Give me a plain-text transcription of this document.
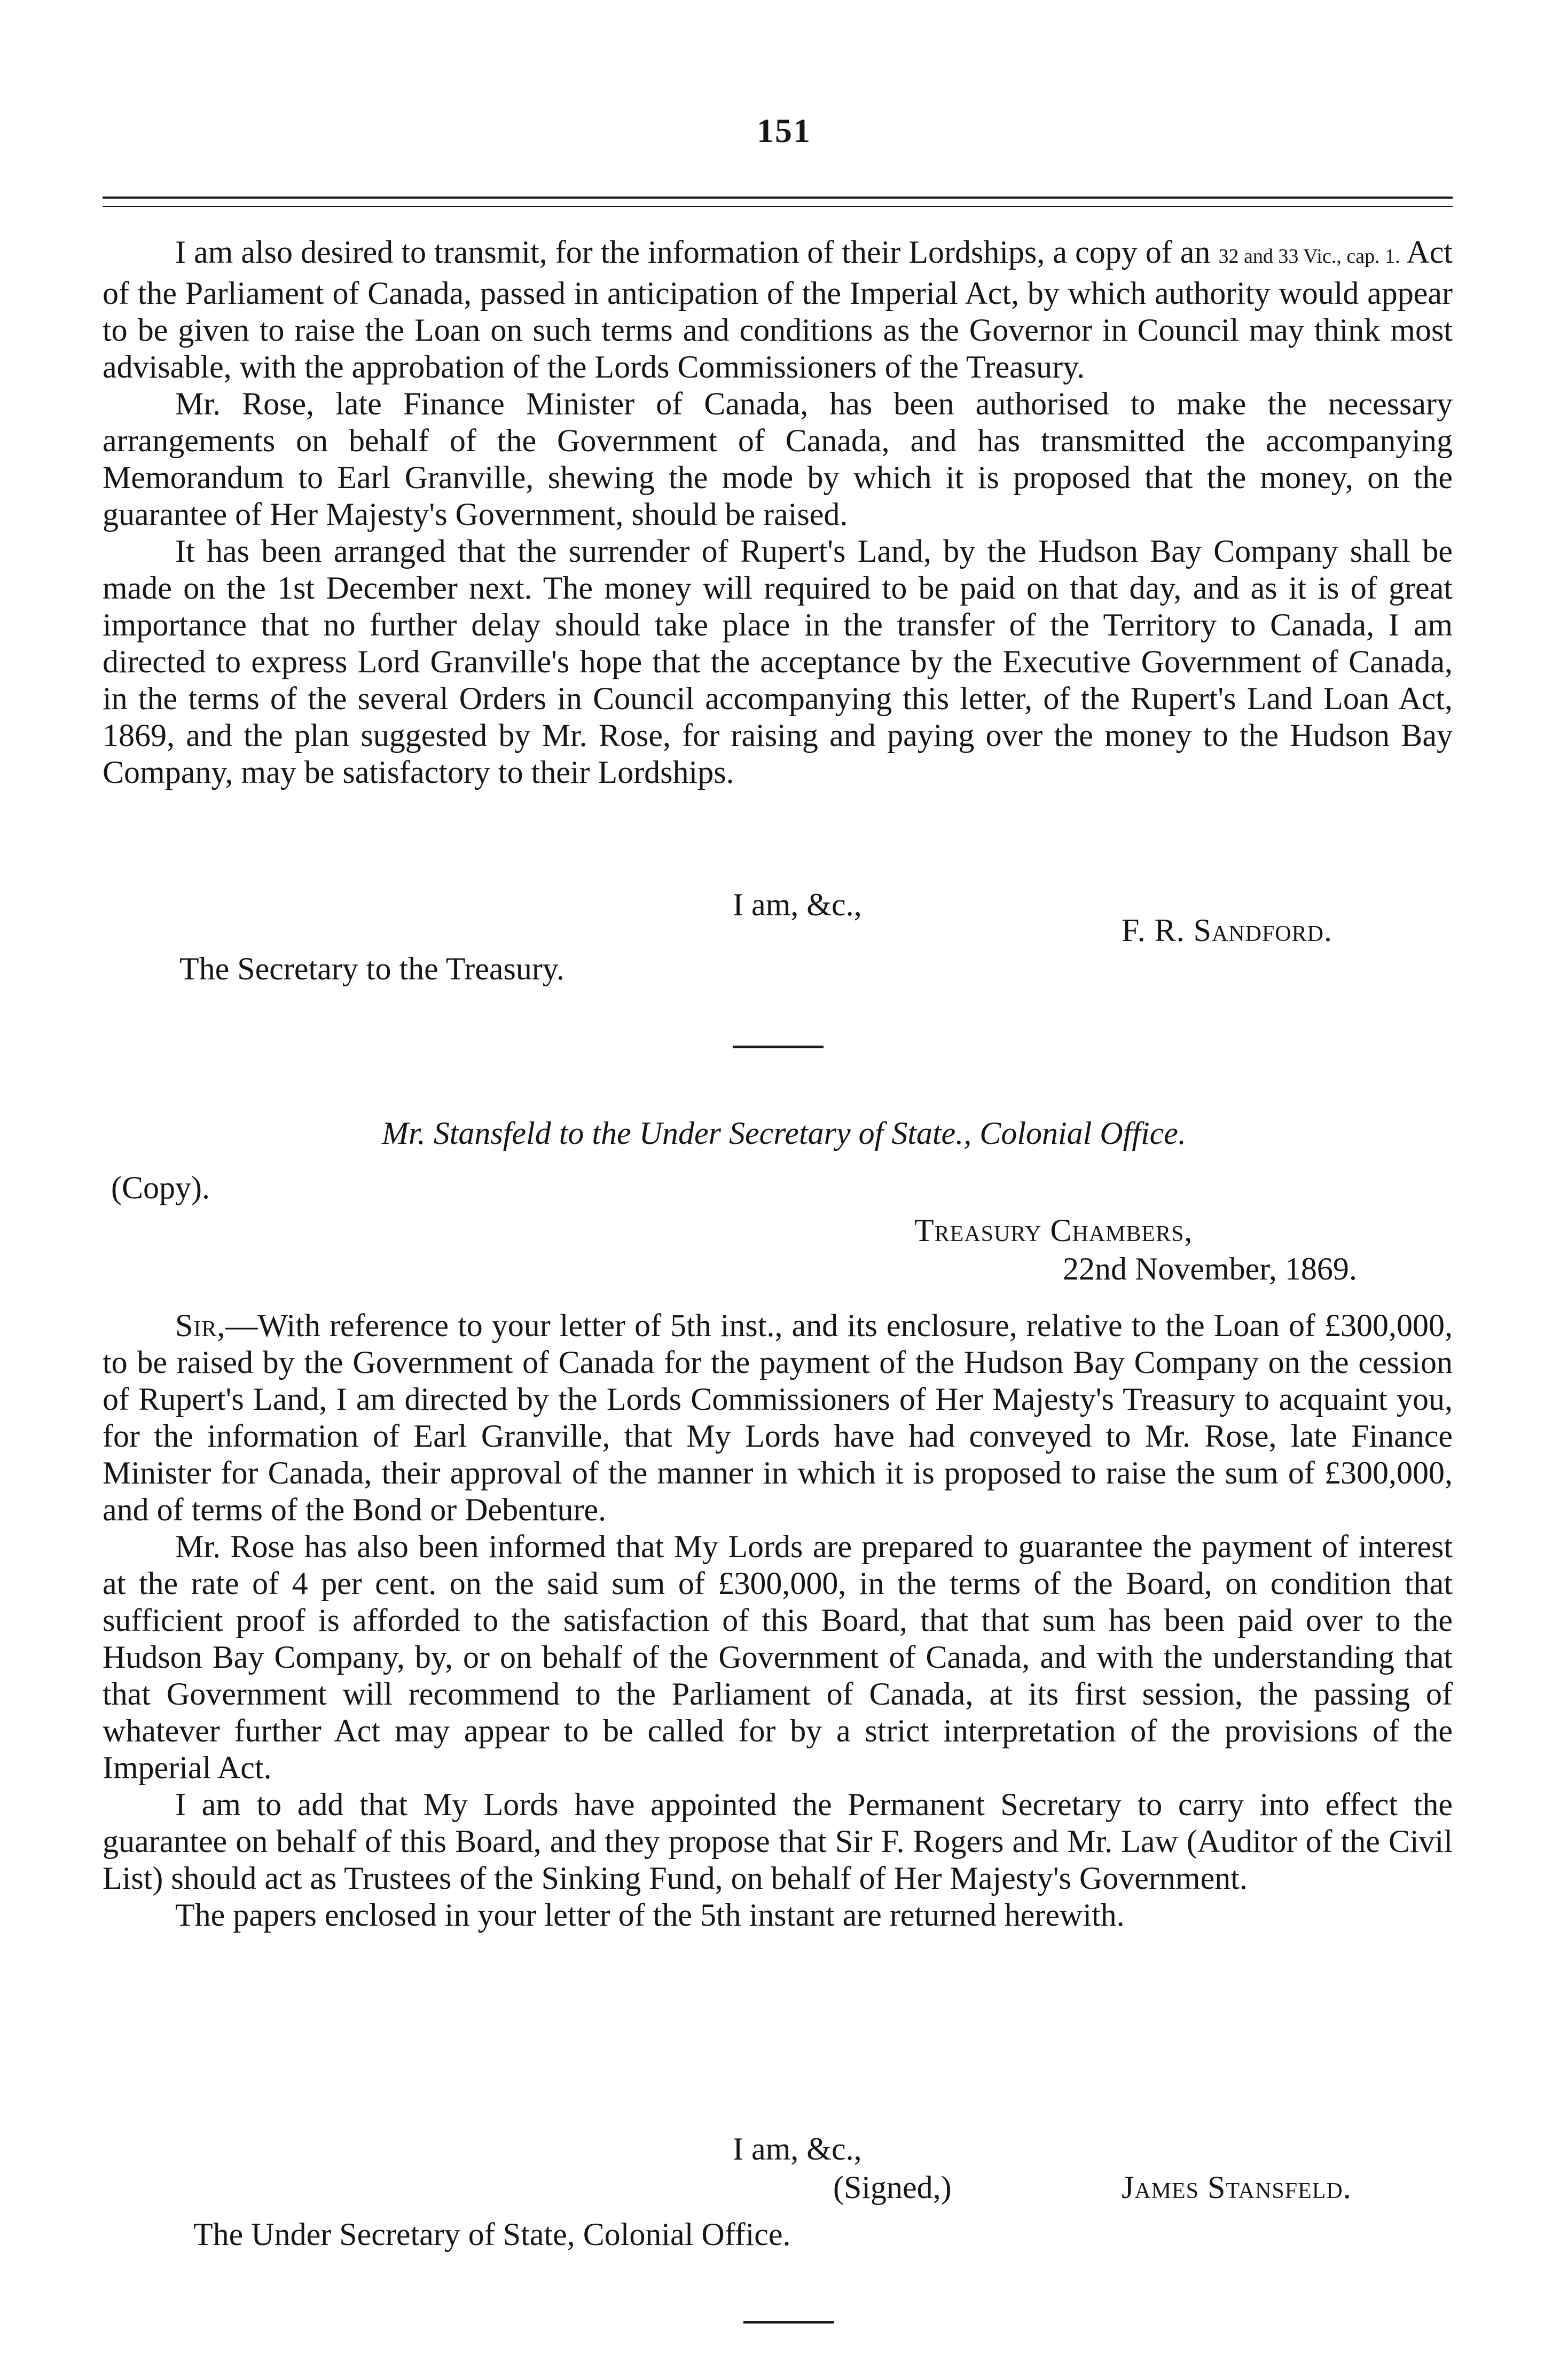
151

I am also desired to transmit, for the information of their Lordships, a copy of an 32 and 33 Vic., cap. 1. Act of the Parliament of Canada, passed in anticipation of the Imperial Act, by which authority would appear to be given to raise the Loan on such terms and conditions as the Governor in Council may think most advisable, with the approbation of the Lords Commissioners of the Treasury.

Mr. Rose, late Finance Minister of Canada, has been authorised to make the necessary arrangements on behalf of the Government of Canada, and has transmitted the accompanying Memorandum to Earl Granville, shewing the mode by which it is proposed that the money, on the guarantee of Her Majesty's Government, should be raised.

It has been arranged that the surrender of Rupert's Land, by the Hudson Bay Company shall be made on the 1st December next. The money will required to be paid on that day, and as it is of great importance that no further delay should take place in the transfer of the Territory to Canada, I am directed to express Lord Granville's hope that the acceptance by the Executive Government of Canada, in the terms of the several Orders in Council accompanying this letter, of the Rupert's Land Loan Act, 1869, and the plan suggested by Mr. Rose, for raising and paying over the money to the Hudson Bay Company, may be satisfactory to their Lordships.

I am, &c.,
F. R. Sandford.
The Secretary to the Treasury.
Mr. Stansfeld to the Under Secretary of State., Colonial Office.
(Copy).
Treasury Chambers,
22nd November, 1869.

Sir,—With reference to your letter of 5th inst., and its enclosure, relative to the Loan of £300,000, to be raised by the Government of Canada for the payment of the Hudson Bay Company on the cession of Rupert's Land, I am directed by the Lords Commissioners of Her Majesty's Treasury to acquaint you, for the information of Earl Granville, that My Lords have had conveyed to Mr. Rose, late Finance Minister for Canada, their approval of the manner in which it is proposed to raise the sum of £300,000, and of terms of the Bond or Debenture.

Mr. Rose has also been informed that My Lords are prepared to guarantee the payment of interest at the rate of 4 per cent. on the said sum of £300,000, in the terms of the Board, on condition that sufficient proof is afforded to the satisfaction of this Board, that that sum has been paid over to the Hudson Bay Company, by, or on behalf of the Government of Canada, and with the understanding that that Government will recommend to the Parliament of Canada, at its first session, the passing of whatever further Act may appear to be called for by a strict interpretation of the provisions of the Imperial Act.

I am to add that My Lords have appointed the Permanent Secretary to carry into effect the guarantee on behalf of this Board, and they propose that Sir F. Rogers and Mr. Law (Auditor of the Civil List) should act as Trustees of the Sinking Fund, on behalf of Her Majesty's Government.

The papers enclosed in your letter of the 5th instant are returned herewith.

I am, &c.,
(Signed,)	James Stansfeld.
The Under Secretary of State, Colonial Office.
